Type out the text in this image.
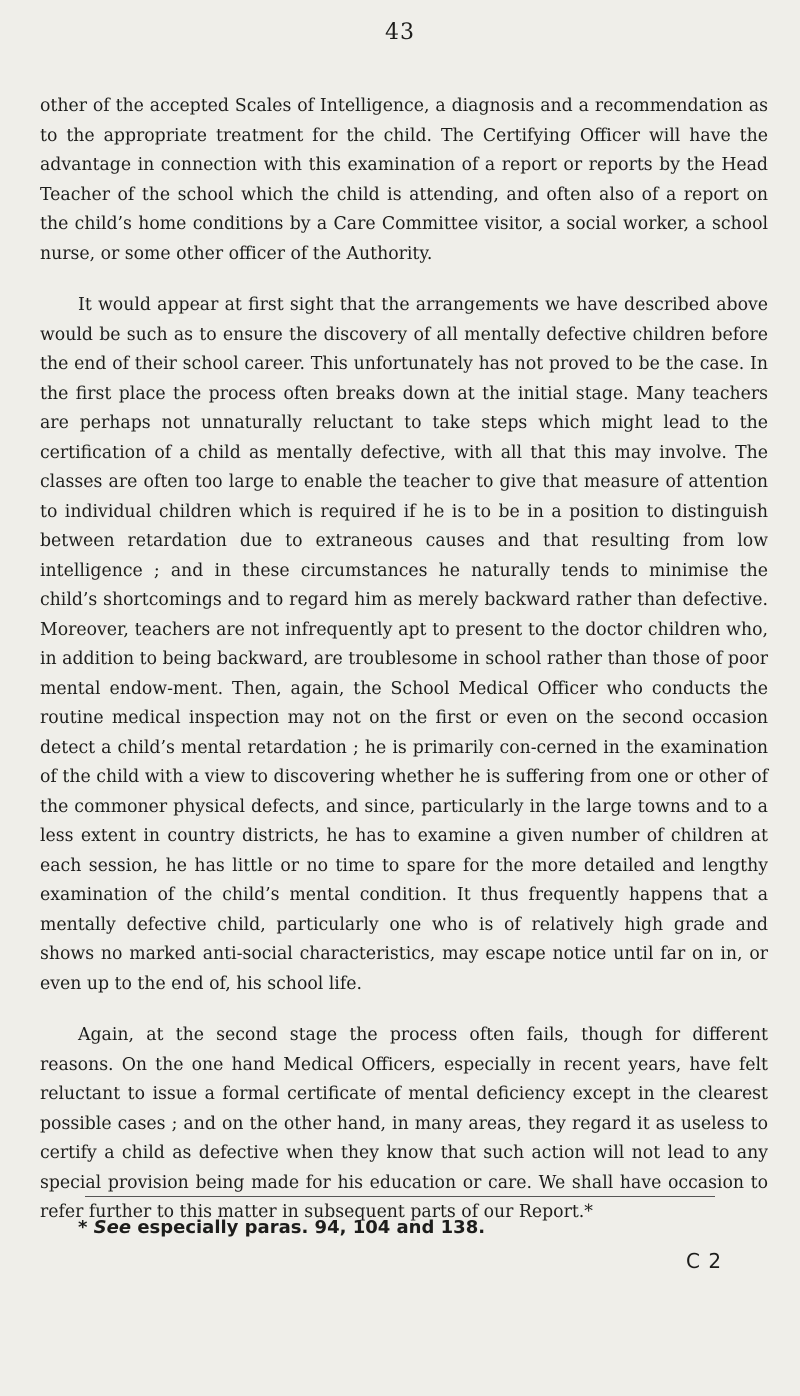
43

other of the accepted Scales of Intelligence, a diagnosis and a recommendation as to the appropriate treatment for the child. The Certifying Officer will have the advantage in connection with this examination of a report or reports by the Head Teacher of the school which the child is attending, and often also of a report on the child’s home conditions by a Care Committee visitor, a social worker, a school nurse, or some other officer of the Authority.

It would appear at first sight that the arrangements we have described above would be such as to ensure the discovery of all mentally defective children before the end of their school career. This unfortunately has not proved to be the case. In the first place the process often breaks down at the initial stage. Many teachers are perhaps not unnaturally reluctant to take steps which might lead to the certification of a child as mentally defective, with all that this may involve. The classes are often too large to enable the teacher to give that measure of attention to individual children which is required if he is to be in a position to distinguish between retardation due to extraneous causes and that resulting from low intelligence ; and in these circumstances he naturally tends to minimise the child’s shortcomings and to regard him as merely backward rather than defective. Moreover, teachers are not infrequently apt to present to the doctor children who, in addition to being backward, are troublesome in school rather than those of poor mental endow-ment. Then, again, the School Medical Officer who conducts the routine medical inspection may not on the first or even on the second occasion detect a child’s mental retardation ; he is primarily con-cerned in the examination of the child with a view to discovering whether he is suffering from one or other of the commoner physical defects, and since, particularly in the large towns and to a less extent in country districts, he has to examine a given number of children at each session, he has little or no time to spare for the more detailed and lengthy examination of the child’s mental condition. It thus frequently happens that a mentally defective child, particularly one who is of relatively high grade and shows no marked anti-social characteristics, may escape notice until far on in, or even up to the end of, his school life.

Again, at the second stage the process often fails, though for different reasons. On the one hand Medical Officers, especially in recent years, have felt reluctant to issue a formal certificate of mental deficiency except in the clearest possible cases ; and on the other hand, in many areas, they regard it as useless to certify a child as defective when they know that such action will not lead to any special provision being made for his education or care. We shall have occasion to refer further to this matter in subsequent parts of our Report.*

* See especially paras. 94, 104 and 138.
C 2
